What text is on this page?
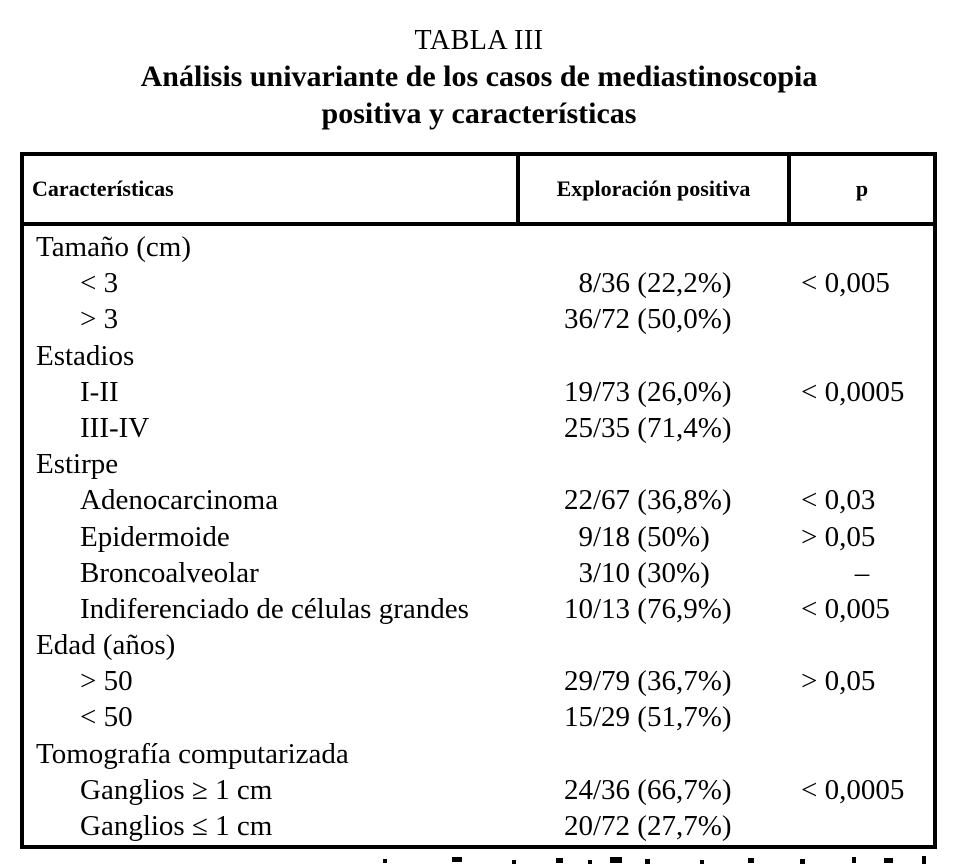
TABLA III
Análisis univariante de los casos de mediastinoscopia
positiva y características
Características	Exploración positiva	p
Tamaño (cm)
< 3	8 /36 (22,2%)	< 0,005
> 3	36 /72 (50,0%)
Estadios
I-II	19 /73 (26,0%)	< 0,0005
III-IV	25 /35 (71,4%)
Estirpe
Adenocarcinoma	22 /67 (36,8%)	< 0,03
Epidermoide	9 /18 (50%)	> 0,05
Broncoalveolar	3 /10 (30%)	–
Indiferenciado de células grandes	10 /13 (76,9%)	< 0,005
Edad (años)
> 50	29 /79 (36,7%)	> 0,05
< 50	15 /29 (51,7%)
Tomografía computarizada
Ganglios ≥ 1 cm	24 /36 (66,7%)	< 0,0005
Ganglios ≤ 1 cm	20 /72 (27,7%)
